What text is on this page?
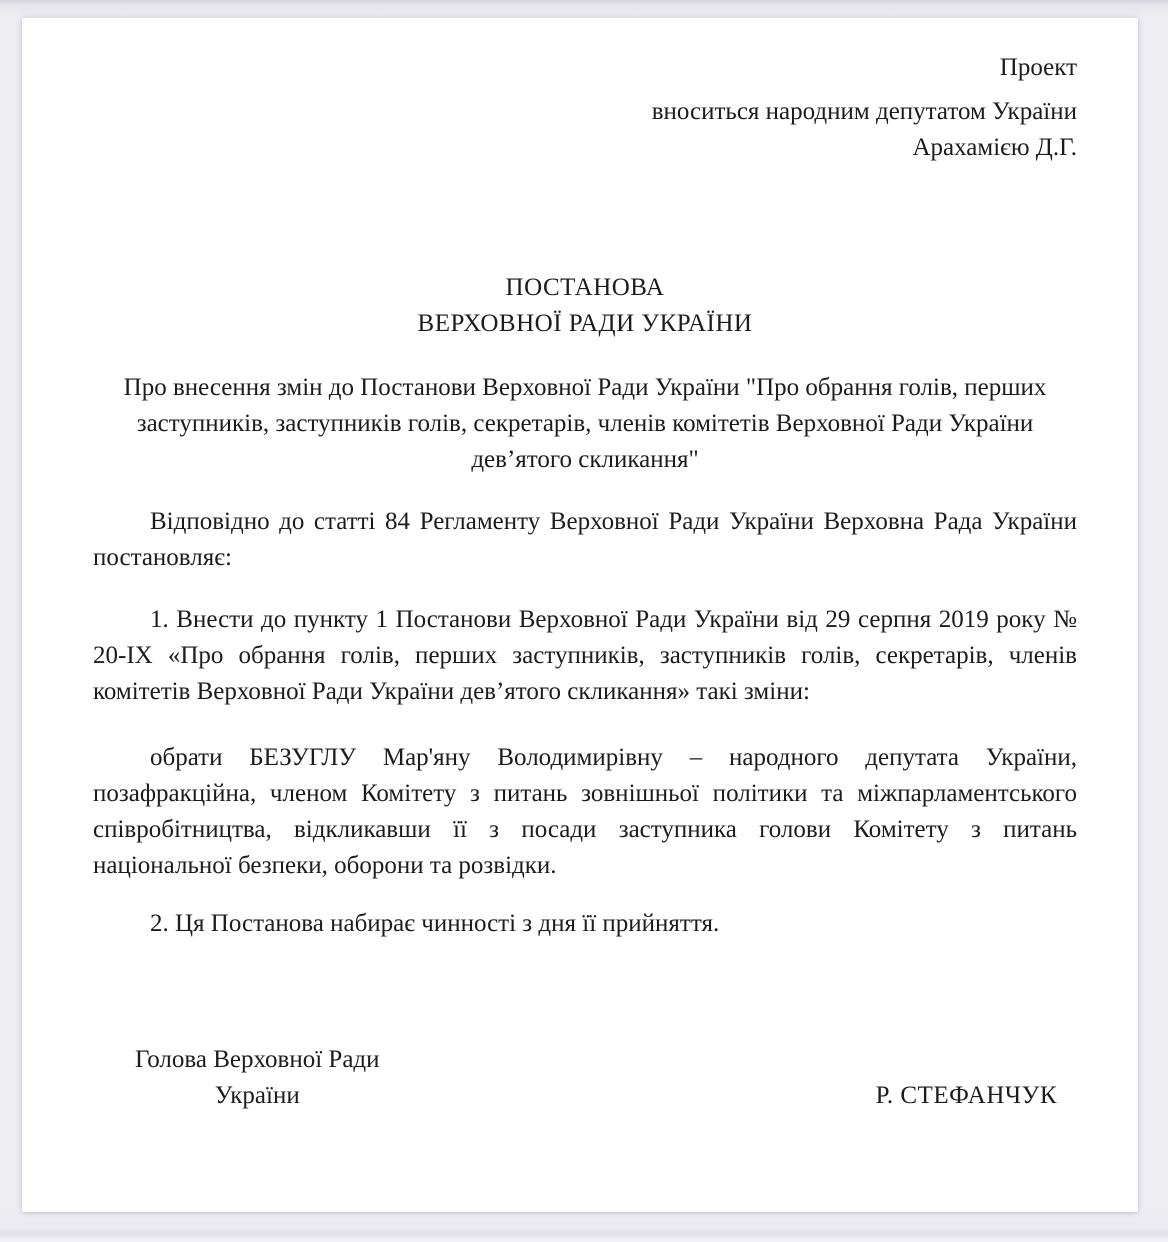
Проект
вноситься народним депутатом України
Арахамією Д.Г.
ПОСТАНОВА
ВЕРХОВНОЇ РАДИ УКРАЇНИ
Про внесення змін до Постанови Верховної Ради України "Про обрання голів, перших заступників, заступників голів, секретарів, членів комітетів Верховної Ради України дев’ятого скликання"

Відповідно до статті 84 Регламенту Верховної Ради України Верховна Рада України постановляє:

1. Внести до пункту 1 Постанови Верховної Ради України від 29 серпня 2019 року № 20-ІХ «Про обрання голів, перших заступників, заступників голів, секретарів, членів комітетів Верховної Ради України дев’ятого скликання» такі зміни:

обрати БЕЗУГЛУ Мар'яну Володимирівну – народного депутата України, позафракційна, членом Комітету з питань зовнішньої політики та міжпарламентського співробітництва, відкликавши її з посади заступника голови Комітету з питань національної безпеки, оборони та розвідки.

2. Ця Постанова набирає чинності з дня її прийняття.

Голова Верховної Ради
України	Р. СТЕФАНЧУК
